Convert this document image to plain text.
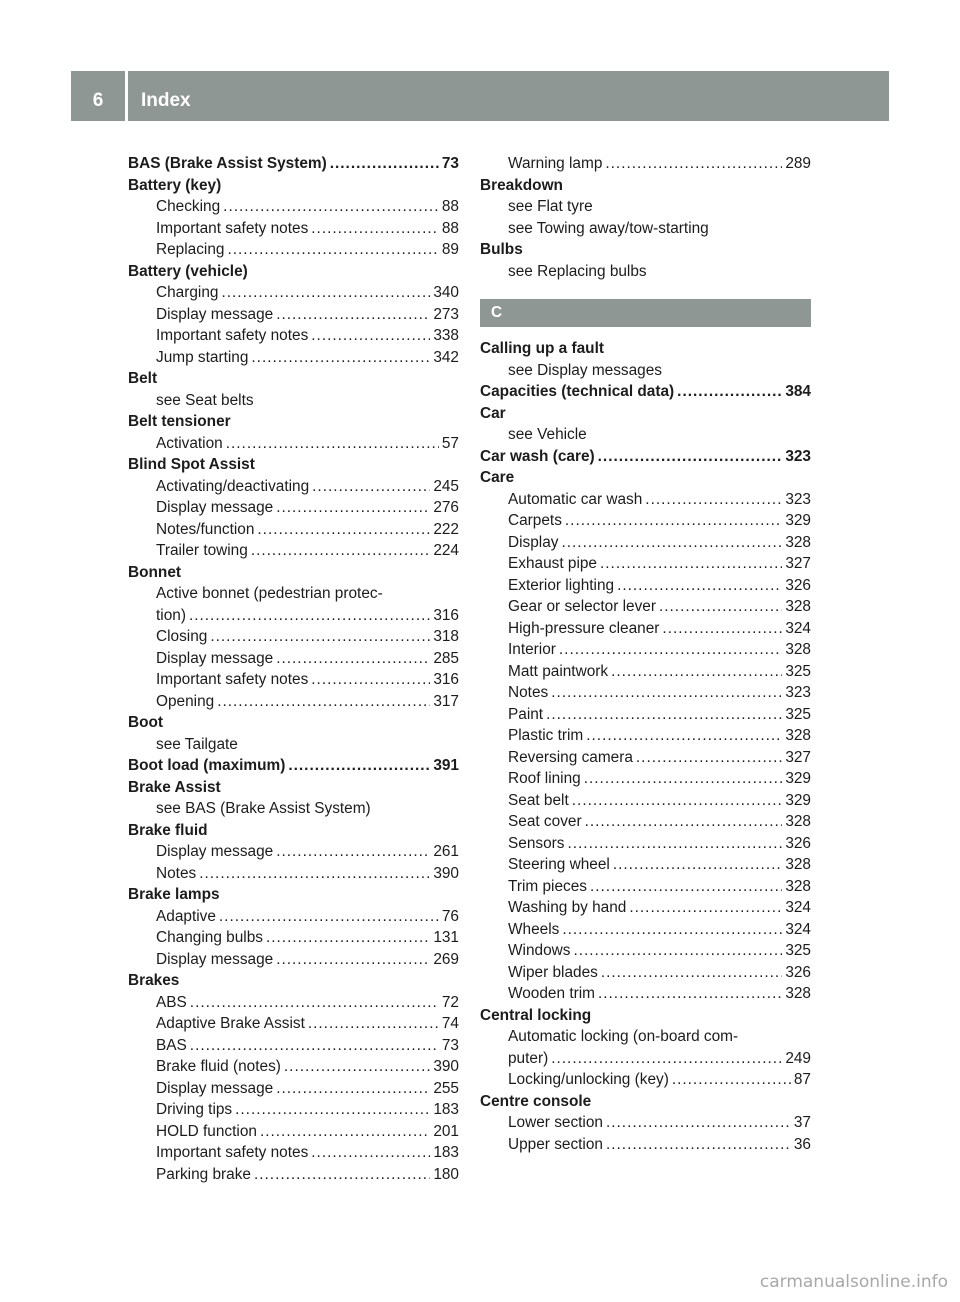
6	Index
BAS (Brake Assist System) .....	73
Battery (key)
Checking .....	88
Important safety notes .....	88
Replacing .....	89
Battery (vehicle)
Charging .....	340
Display message .....	273
Important safety notes .....	338
Jump starting .....	342
Belt
see Seat belts
Belt tensioner
Activation .....	57
Blind Spot Assist
Activating/deactivating .....	245
Display message .....	276
Notes/function .....	222
Trailer towing .....	224
Bonnet
Active bonnet (pedestrian protec-
tion) .....	316
Closing .....	318
Display message .....	285
Important safety notes .....	316
Opening .....	317
Boot
see Tailgate
Boot load (maximum) .....	391
Brake Assist
see BAS (Brake Assist System)
Brake fluid
Display message .....	261
Notes .....	390
Brake lamps
Adaptive .....	76
Changing bulbs .....	131
Display message .....	269
Brakes
ABS .....	72
Adaptive Brake Assist .....	74
BAS .....	73
Brake fluid (notes) .....	390
Display message .....	255
Driving tips .....	183
HOLD function .....	201
Important safety notes .....	183
Parking brake .....	180
Warning lamp .....	289
Breakdown
see Flat tyre
see Towing away/tow-starting
Bulbs
see Replacing bulbs
C
Calling up a fault
see Display messages
Capacities (technical data) .....	384
Car
see Vehicle
Car wash (care) .....	323
Care
Automatic car wash .....	323
Carpets .....	329
Display .....	328
Exhaust pipe .....	327
Exterior lighting .....	326
Gear or selector lever .....	328
High-pressure cleaner .....	324
Interior .....	328
Matt paintwork .....	325
Notes .....	323
Paint .....	325
Plastic trim .....	328
Reversing camera .....	327
Roof lining .....	329
Seat belt .....	329
Seat cover .....	328
Sensors .....	326
Steering wheel .....	328
Trim pieces .....	328
Washing by hand .....	324
Wheels .....	324
Windows .....	325
Wiper blades .....	326
Wooden trim .....	328
Central locking
Automatic locking (on-board com-
puter) .....	249
Locking/unlocking (key) .....	87
Centre console
Lower section .....	37
Upper section .....	36
carmanualsonline.info
